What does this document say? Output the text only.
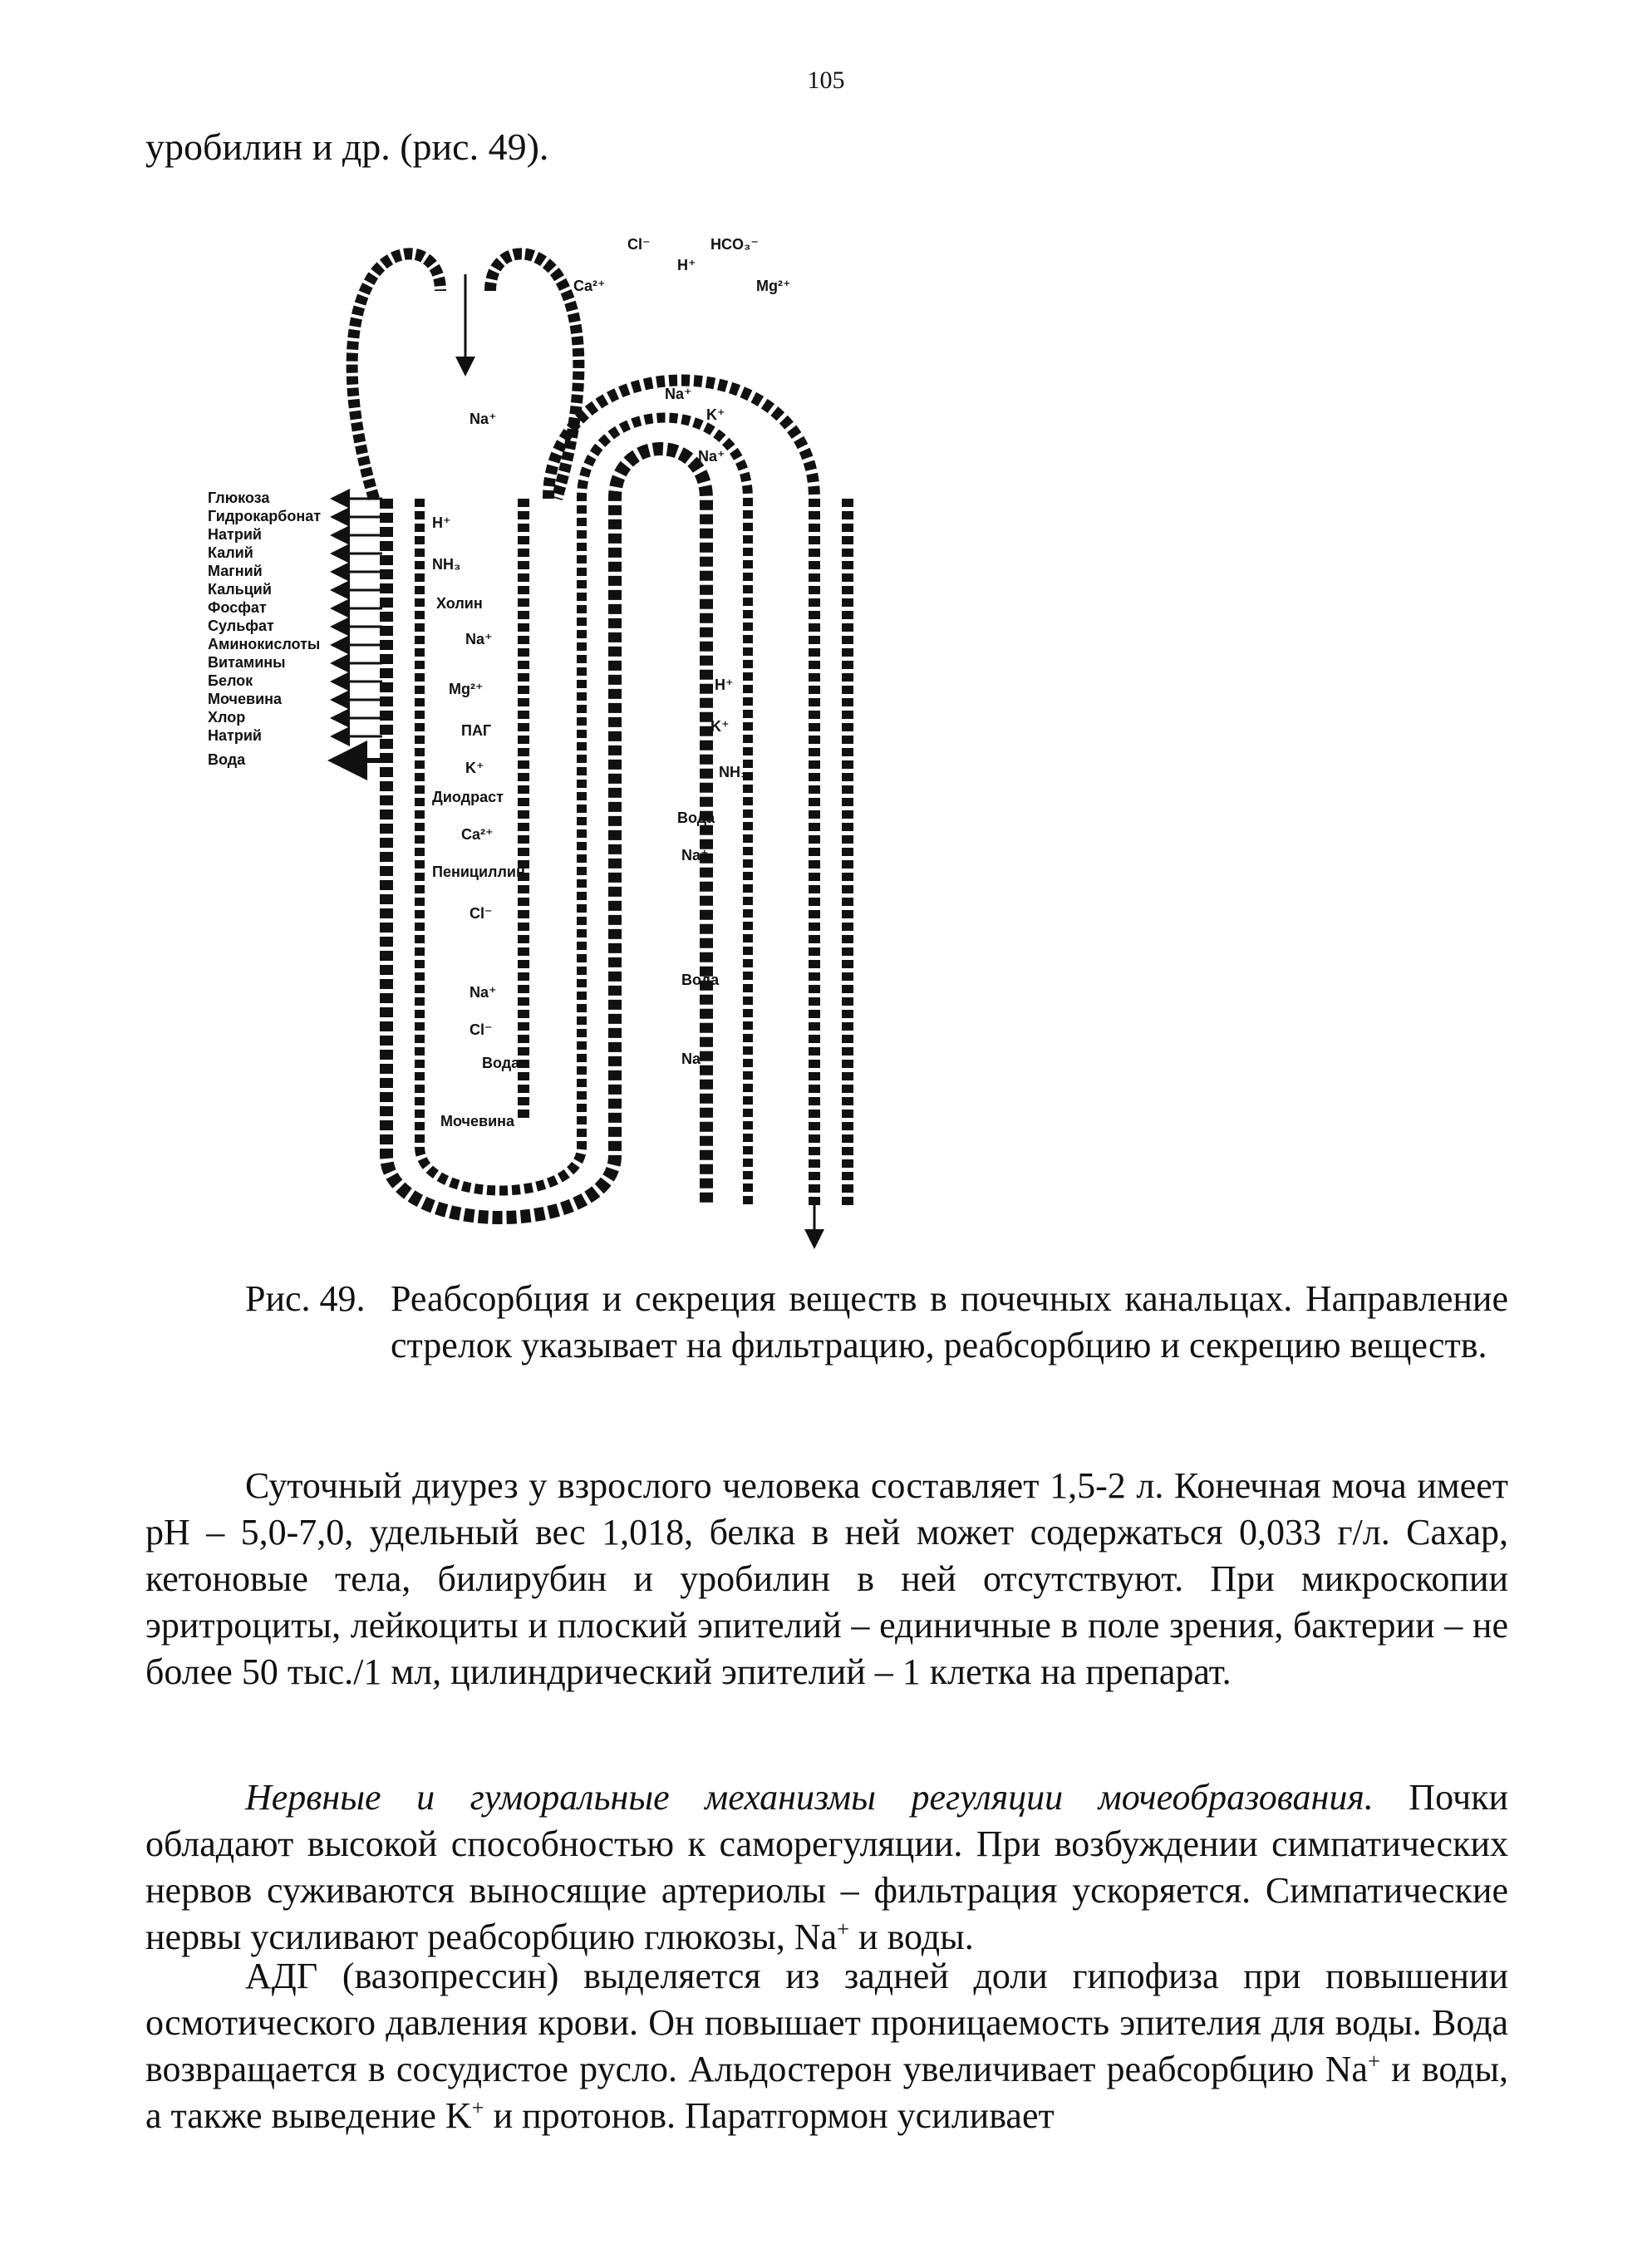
105
уробилин и др. (рис. 49).
Глюкоза
Гидрокарбонат
Натрий
Калий
Магний
Кальций
Фосфат
Сульфат
Аминокислоты
Витамины
Белок
Мочевина
Хлор
Натрий
Вода
H⁺
NH₃
Холин
Na⁺
Mg²⁺
ПАГ
K⁺
Диодраст
Ca²⁺
Пенициллин
Cl⁻
Na⁺
Na⁺
Cl⁻
Вода
Мочевина
Cl⁻
H⁺
HCO₃⁻
Ca²⁺	Mg²⁺
Na⁺
K⁺
Na⁺
H⁺
K⁺
NH₃
Вода
Na⁺
Вода
Na⁺
Рис. 49. Реабсорбция и секреция веществ в почечных канальцах. Направление стрелок указывает на фильтрацию, реабсорбцию и секрецию веществ.
Суточный диурез у взрослого человека составляет 1,5-2 л. Конечная моча имеет pH – 5,0-7,0, удельный вес 1,018, белка в ней может содержаться 0,033 г/л. Сахар, кетоновые тела, билирубин и уробилин в ней отсутствуют. При микроскопии эритроциты, лейкоциты и плоский эпителий – единичные в поле зрения, бактерии – не более 50 тыс./1 мл, цилиндрический эпителий – 1 клетка на препарат.
Нервные и гуморальные механизмы регуляции мочеобразования. Почки обладают высокой способностью к саморегуляции. При возбуждении симпатических нервов суживаются выносящие артериолы – фильтрация ускоряется. Симпатические нервы усиливают реабсорбцию глюкозы, Na+ и воды.
АДГ (вазопрессин) выделяется из задней доли гипофиза при повышении осмотического давления крови. Он повышает проницаемость эпителия для воды. Вода возвращается в сосудистое русло. Альдостерон увеличивает реабсорбцию Na+ и воды, а также выведение K+ и протонов. Паратгормон усиливает
